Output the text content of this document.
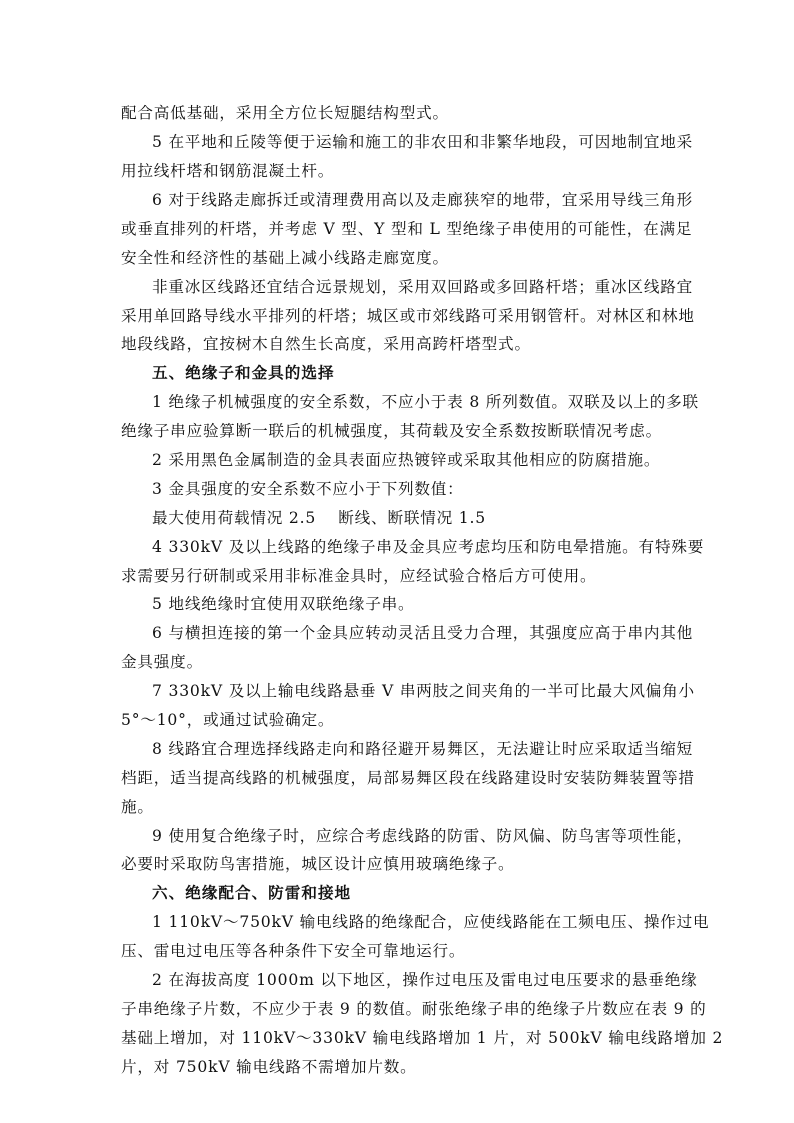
配合高低基础，采用全方位长短腿结构型式。
5 在平地和丘陵等便于运输和施工的非农田和非繁华地段，可因地制宜地采
用拉线杆塔和钢筋混凝土杆。
6 对于线路走廊拆迁或清理费用高以及走廊狭窄的地带，宜采用导线三角形
或垂直排列的杆塔，并考虑 V 型、Y 型和 L 型绝缘子串使用的可能性，在满足
安全性和经济性的基础上减小线路走廊宽度。
非重冰区线路还宜结合远景规划，采用双回路或多回路杆塔；重冰区线路宜
采用单回路导线水平排列的杆塔；城区或市郊线路可采用钢管杆。对林区和林地
地段线路，宜按树木自然生长高度，采用高跨杆塔型式。
五、绝缘子和金具的选择
1 绝缘子机械强度的安全系数，不应小于表 8 所列数值。双联及以上的多联
绝缘子串应验算断一联后的机械强度，其荷载及安全系数按断联情况考虑。
2 采用黑色金属制造的金具表面应热镀锌或采取其他相应的防腐措施。
3 金具强度的安全系数不应小于下列数值：
最大使用荷载情况 2.5　 断线、断联情况 1.5
4 330kV 及以上线路的绝缘子串及金具应考虑均压和防电晕措施。有特殊要
求需要另行研制或采用非标准金具时，应经试验合格后方可使用。
5 地线绝缘时宜使用双联绝缘子串。
6 与横担连接的第一个金具应转动灵活且受力合理，其强度应高于串内其他
金具强度。
7 330kV 及以上输电线路悬垂 V 串两肢之间夹角的一半可比最大风偏角小
5°～10°，或通过试验确定。
8 线路宜合理选择线路走向和路径避开易舞区，无法避让时应采取适当缩短
档距，适当提高线路的机械强度，局部易舞区段在线路建设时安装防舞装置等措
施。
9 使用复合绝缘子时，应综合考虑线路的防雷、防风偏、防鸟害等项性能，
必要时采取防鸟害措施，城区设计应慎用玻璃绝缘子。
六、绝缘配合、防雷和接地
1 110kV～750kV 输电线路的绝缘配合，应使线路能在工频电压、操作过电
压、雷电过电压等各种条件下安全可靠地运行。
2 在海拔高度 1000m 以下地区，操作过电压及雷电过电压要求的悬垂绝缘
子串绝缘子片数，不应少于表 9 的数值。耐张绝缘子串的绝缘子片数应在表 9 的
基础上增加，对 110kV～330kV 输电线路增加 1 片，对 500kV 输电线路增加 2
片，对 750kV 输电线路不需增加片数。
